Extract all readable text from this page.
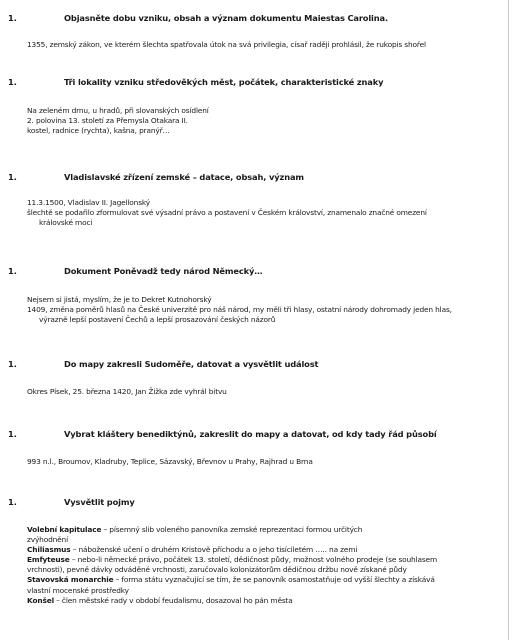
1.	Objasněte dobu vzniku, obsah a význam dokumentu Maiestas Carolina.
1355, zemský zákon, ve kterém šlechta spatřovala útok na svá privilegia, císař raději prohlásil, že rukopis shořel
1.	Tři lokality vzniku středověkých měst, počátek, charakteristické znaky
Na zeleném drnu, u hradů, při slovanských osídlení
2. polovina 13. století za Přemysla Otakara II.
kostel, radnice (rychta), kašna, pranýř…
1.	Vladislavské zřízení zemské – datace, obsah, význam
11.3.1500, Vladislav II. Jagellonský
šlechtě se podařilo zformulovat své výsadní právo a postavení v Českém království, znamenalo značné omezení
královské moci
1.	Dokument Poněvadž tedy národ Německý…
Nejsem si jistá, myslím, že je to Dekret Kutnohorský
1409, změna poměrů hlasů na České univerzitě pro náš národ, my měli tři hlasy, ostatní národy dohromady jeden hlas,
výrazně lepší postavení Čechů a lepší prosazování českých názorů
1.	Do mapy zakresli Sudoměře, datovat a vysvětlit událost
Okres Písek, 25. března 1420, Jan Žižka zde vyhrál bitvu
1.	Vybrat kláštery benediktýnů, zakreslit do mapy a datovat, od kdy tady řád působí
993 n.l., Broumov, Kladruby, Teplice, Sázavský, Břevnov u Prahy, Rajhrad u Brna
1.	Vysvětlit pojmy
Volební kapitulace – písemný slib voleného panovníka zemské reprezentaci formou určitých
zvýhodnění
Chiliasmus – náboženské učení o druhém Kristově příchodu a o jeho tisíciletém ….. na zemi
Emfyteuse – nebo-li německé právo, počátek 13. století, dědičnost půdy, možnost volného prodeje (se souhlasem
vrchnosti), pevně dávky odváděné vrchnosti, zaručovalo kolonizátorům dědičnou držbu nově získané půdy
Stavovská monarchie – forma státu vyznačující se tím, že se panovník osamostatňuje od vyšší šlechty a získává
vlastní mocenské prostředky
Konšel – člen městské rady v období feudalismu, dosazoval ho pán města
